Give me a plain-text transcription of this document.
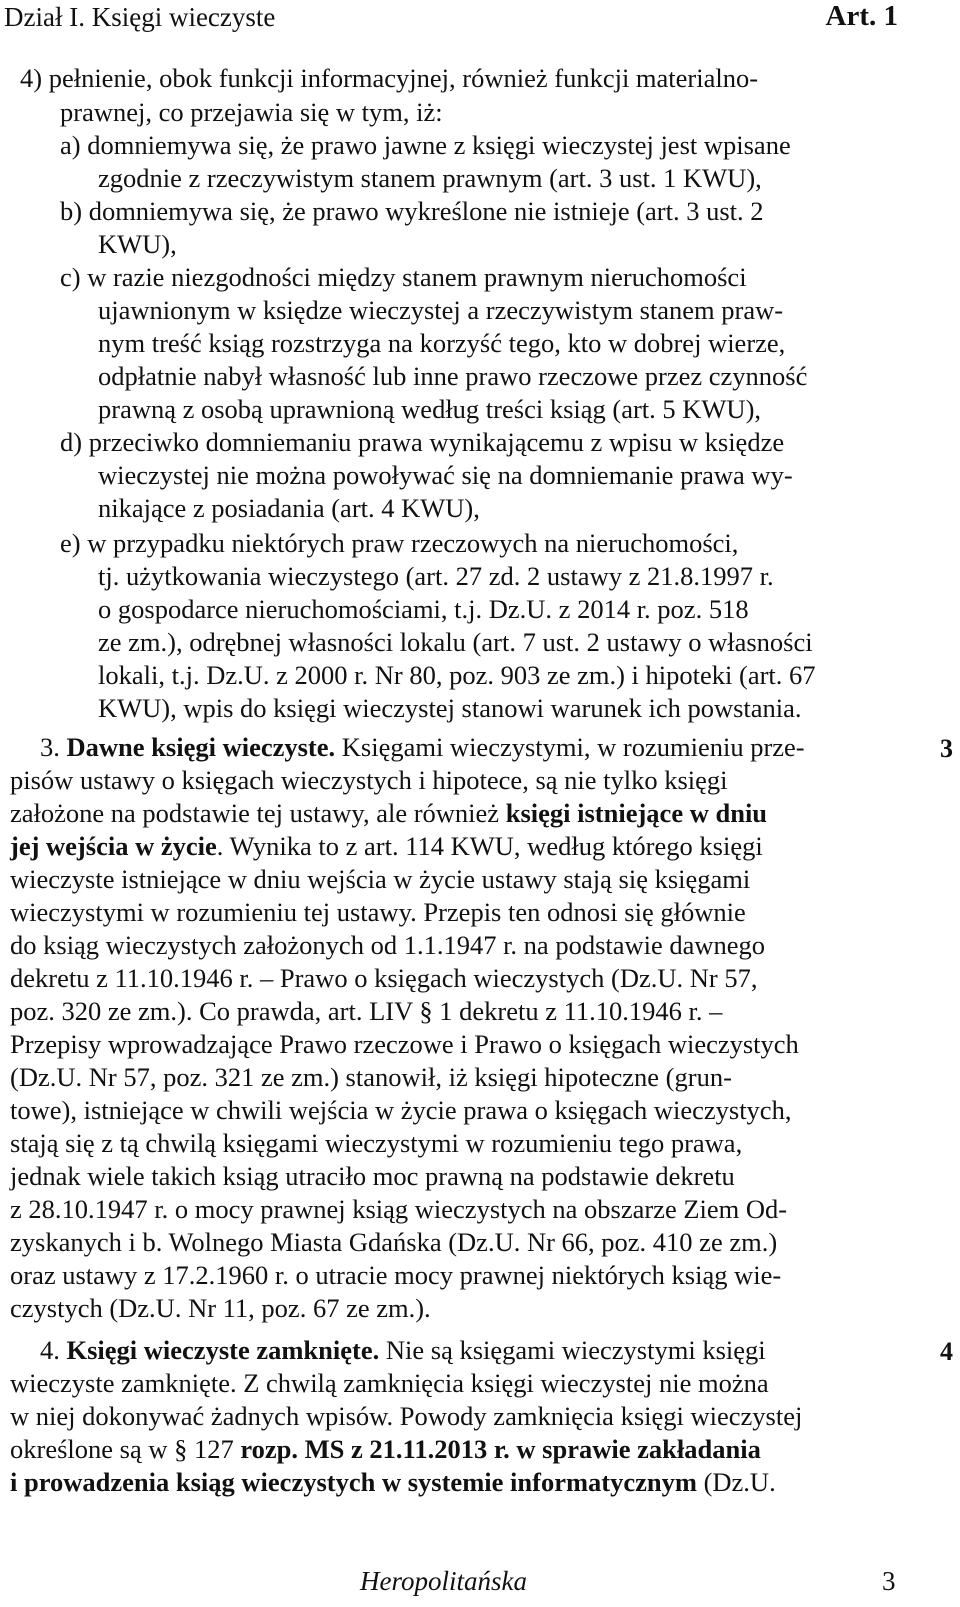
Dział I. Księgi wieczyste	Art. 1
4) pełnienie, obok funkcji informacyjnej, również funkcji materialno-
prawnej, co przejawia się w tym, iż:
a) domniemywa się, że prawo jawne z księgi wieczystej jest wpisane
zgodnie z rzeczywistym stanem prawnym (art. 3 ust. 1 KWU),
b) domniemywa się, że prawo wykreślone nie istnieje (art. 3 ust. 2
KWU),
c) w razie niezgodności między stanem prawnym nieruchomości
ujawnionym w księdze wieczystej a rzeczywistym stanem praw-
nym treść ksiąg rozstrzyga na korzyść tego, kto w dobrej wierze,
odpłatnie nabył własność lub inne prawo rzeczowe przez czynność
prawną z osobą uprawnioną według treści ksiąg (art. 5 KWU),
d) przeciwko domniemaniu prawa wynikającemu z wpisu w księdze
wieczystej nie można powoływać się na domniemanie prawa wy-
nikające z posiadania (art. 4 KWU),
e) w przypadku niektórych praw rzeczowych na nieruchomości,
tj. użytkowania wieczystego (art. 27 zd. 2 ustawy z 21.8.1997 r.
o gospodarce nieruchomościami, t.j. Dz.U. z 2014 r. poz. 518
ze zm.), odrębnej własności lokalu (art. 7 ust. 2 ustawy o własności
lokali, t.j. Dz.U. z 2000 r. Nr 80, poz. 903 ze zm.) i hipoteki (art. 67
KWU), wpis do księgi wieczystej stanowi warunek ich powstania.
3
3. Dawne księgi wieczyste. Księgami wieczystymi, w rozumieniu prze-
pisów ustawy o księgach wieczystych i hipotece, są nie tylko księgi
założone na podstawie tej ustawy, ale również księgi istniejące w dniu
jej wejścia w życie. Wynika to z art. 114 KWU, według którego księgi
wieczyste istniejące w dniu wejścia w życie ustawy stają się księgami
wieczystymi w rozumieniu tej ustawy. Przepis ten odnosi się głównie
do ksiąg wieczystych założonych od 1.1.1947 r. na podstawie dawnego
dekretu z 11.10.1946 r. – Prawo o księgach wieczystych (Dz.U. Nr 57,
poz. 320 ze zm.). Co prawda, art. LIV § 1 dekretu z 11.10.1946 r. –
Przepisy wprowadzające Prawo rzeczowe i Prawo o księgach wieczystych
(Dz.U. Nr 57, poz. 321 ze zm.) stanowił, iż księgi hipoteczne (grun-
towe), istniejące w chwili wejścia w życie prawa o księgach wieczystych,
stają się z tą chwilą księgami wieczystymi w rozumieniu tego prawa,
jednak wiele takich ksiąg utraciło moc prawną na podstawie dekretu
z 28.10.1947 r. o mocy prawnej ksiąg wieczystych na obszarze Ziem Od-
zyskanych i b. Wolnego Miasta Gdańska (Dz.U. Nr 66, poz. 410 ze zm.)
oraz ustawy z 17.2.1960 r. o utracie mocy prawnej niektórych ksiąg wie-
czystych (Dz.U. Nr 11, poz. 67 ze zm.).
4
4. Księgi wieczyste zamknięte. Nie są księgami wieczystymi księgi
wieczyste zamknięte. Z chwilą zamknięcia księgi wieczystej nie można
w niej dokonywać żadnych wpisów. Powody zamknięcia księgi wieczystej
określone są w § 127 rozp. MS z 21.11.2013 r. w sprawie zakładania
i prowadzenia ksiąg wieczystych w systemie informatycznym (Dz.U.
Heropolitańska	3
